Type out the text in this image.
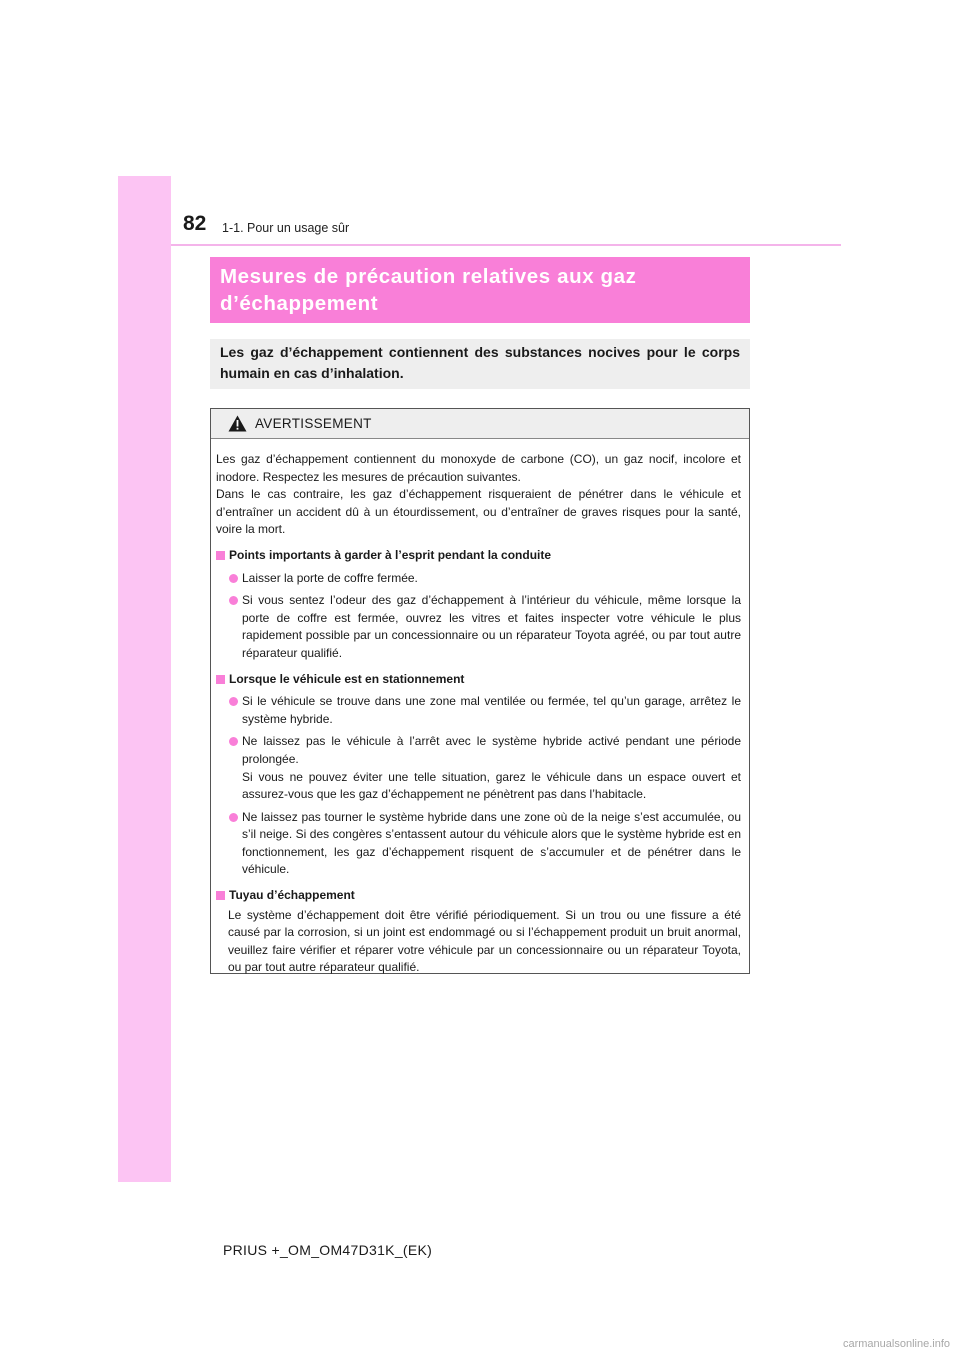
82 1-1. Pour un usage sûr

Mesures de précaution relatives aux gaz
d’échappement

Les gaz d’échappement contiennent des substances nocives pour le corps humain en cas d’inhalation.

AVERTISSEMENT

Les gaz d’échappement contiennent du monoxyde de carbone (CO), un gaz nocif, incolore et inodore. Respectez les mesures de précaution suivantes.

Dans le cas contraire, les gaz d’échappement risqueraient de pénétrer dans le véhicule et d’entraîner un accident dû à un étourdissement, ou d’entraîner de graves risques pour la santé, voire la mort.

Points importants à garder à l’esprit pendant la conduite

Laisser la porte de coffre fermée.

Si vous sentez l’odeur des gaz d’échappement à l’intérieur du véhicule, même lorsque la porte de coffre est fermée, ouvrez les vitres et faites inspecter votre véhicule le plus rapidement possible par un concessionnaire ou un réparateur Toyota agréé, ou par tout autre réparateur qualifié.

Lorsque le véhicule est en stationnement

Si le véhicule se trouve dans une zone mal ventilée ou fermée, tel qu’un garage, arrêtez le système hybride.

Ne laissez pas le véhicule à l’arrêt avec le système hybride activé pendant une période prolongée.
Si vous ne pouvez éviter une telle situation, garez le véhicule dans un espace ouvert et assurez-vous que les gaz d’échappement ne pénètrent pas dans l’habitacle.

Ne laissez pas tourner le système hybride dans une zone où de la neige s’est accumulée, ou s’il neige. Si des congères s’entassent autour du véhicule alors que le système hybride est en fonctionnement, les gaz d’échappement risquent de s’accumuler et de pénétrer dans le véhicule.

Tuyau d’échappement

Le système d’échappement doit être vérifié périodiquement. Si un trou ou une fissure a été causé par la corrosion, si un joint est endommagé ou si l’échappement produit un bruit anormal, veuillez faire vérifier et réparer votre véhicule par un concessionnaire ou un réparateur Toyota, ou par tout autre réparateur qualifié.

PRIUS +_OM_OM47D31K_(EK)
carmanualsonline.info
